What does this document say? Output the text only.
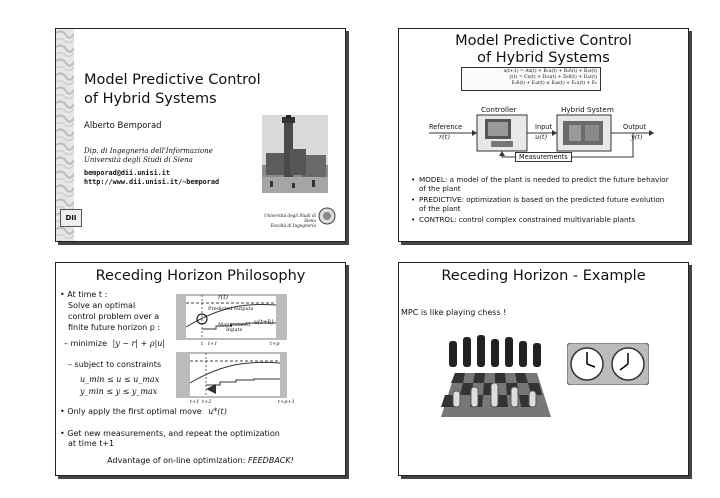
Model Predictive Control
of Hybrid Systems
Alberto Bemporad
Dip. di Ingegneria dell'Informazione
Università degli Studi di Siena
bemporad@dii.unisi.it
http://www.dii.unisi.it/~bemporad
DII	Università degli Studi di Siena
Facoltà di Ingegneria
Model Predictive Control
of Hybrid Systems
x(t+1) = Ax(t) + B₁u(t) + B₂δ(t) + B₃z(t)
y(t) = Cx(t) + D₁u(t) + D₂δ(t) + D₃z(t)
E₂δ(t) + E₃z(t) ≤ E₄x(t) + E₁u(t) + E₅
Controller	Hybrid System
Reference
r(t)
Input
u(t)
Output
y(t)
Measurements
• MODEL: a model of the plant is needed to predict the future behavior of the plant
• PREDICTIVE: optimization is based on the predicted future evolution of the plant
• CONTROL: control complex constrained multivariable plants
Receding Horizon Philosophy
• At time t :
Solve an optimal
control problem over a
finite future horizon p :
– minimize |y − r| + ρ|u|
– subject to constraints
u_min ≤ u ≤ u_max
y_min ≤ y ≤ y_max
r(t)
Predicted outputs
u(t+k)
Manipulated
Inputs
t t+1	t+p
t+1 t+2	t+p+1
• Only apply the first optimal move u*(t)
• Get new measurements, and repeat the optimization
at time t+1
Advantage of on-line optimization: FEEDBACK!
Receding Horizon - Example
MPC is like playing chess !
